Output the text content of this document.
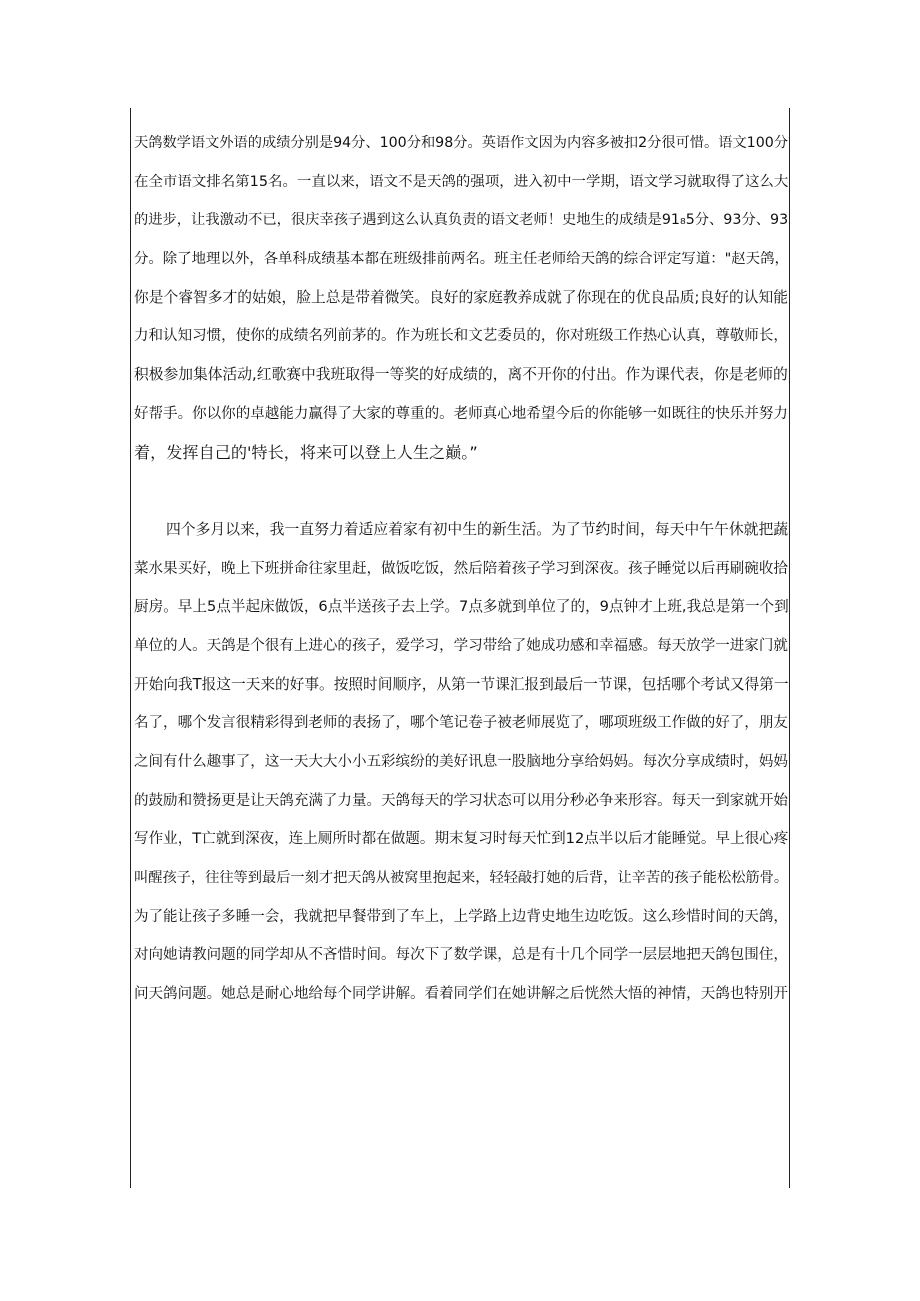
天鸽数学语文外语的成绩分别是94分、100分和98分。英语作文因为内容多被扣2分很可惜。语文100分
在全市语文排名第15名。一直以来，语文不是天鸽的强项，进入初中一学期，语文学习就取得了这么大
的进步，让我激动不已，很庆幸孩子遇到这么认真负责的语文老师！史地生的成绩是91₈5分、93分、93
分。除了地理以外，各单科成绩基本都在班级排前两名。班主任老师给天鸽的综合评定写道："赵天鸽，
你是个睿智多才的姑娘，脸上总是带着微笑。良好的家庭教养成就了你现在的优良品质;良好的认知能
力和认知习惯，使你的成绩名列前茅的。作为班长和文艺委员的，你对班级工作热心认真，尊敬师长，
积极参加集体活动,红歌赛中我班取得一等奖的好成绩的，离不开你的付出。作为课代表，你是老师的
好帮手。你以你的卓越能力赢得了大家的尊重的。老师真心地希望今后的你能够一如既往的快乐并努力
着，发挥自己的'特长，将来可以登上人生之巅。”
四个多月以来，我一直努力着适应着家有初中生的新生活。为了节约时间，每天中午午休就把蔬
菜水果买好，晚上下班拼命往家里赶，做饭吃饭，然后陪着孩子学习到深夜。孩子睡觉以后再刷碗收拾
厨房。早上5点半起床做饭，6点半送孩子去上学。7点多就到单位了的，9点钟才上班,我总是第一个到
单位的人。天鸽是个很有上进心的孩子，爱学习，学习带给了她成功感和幸福感。每天放学一进家门就
开始向我T报这一天来的好事。按照时间顺序，从第一节课汇报到最后一节课，包括哪个考试又得第一
名了，哪个发言很精彩得到老师的表扬了，哪个笔记卷子被老师展览了，哪项班级工作做的好了，朋友
之间有什么趣事了，这一天大大小小五彩缤纷的美好讯息一股脑地分享给妈妈。每次分享成绩时，妈妈
的鼓励和赞扬更是让天鸽充满了力量。天鸽每天的学习状态可以用分秒必争来形容。每天一到家就开始
写作业，T亡就到深夜，连上厕所时都在做题。期末复习时每天忙到12点半以后才能睡觉。早上很心疼
叫醒孩子，往往等到最后一刻才把天鸽从被窝里抱起来，轻轻敲打她的后背，让辛苦的孩子能松松筋骨。
为了能让孩子多睡一会，我就把早餐带到了车上，上学路上边背史地生边吃饭。这么珍惜时间的天鸽，
对向她请教问题的同学却从不吝惜时间。每次下了数学课，总是有十几个同学一层层地把天鸽包围住，
问天鸽问题。她总是耐心地给每个同学讲解。看着同学们在她讲解之后恍然大悟的神情，天鸽也特别开
